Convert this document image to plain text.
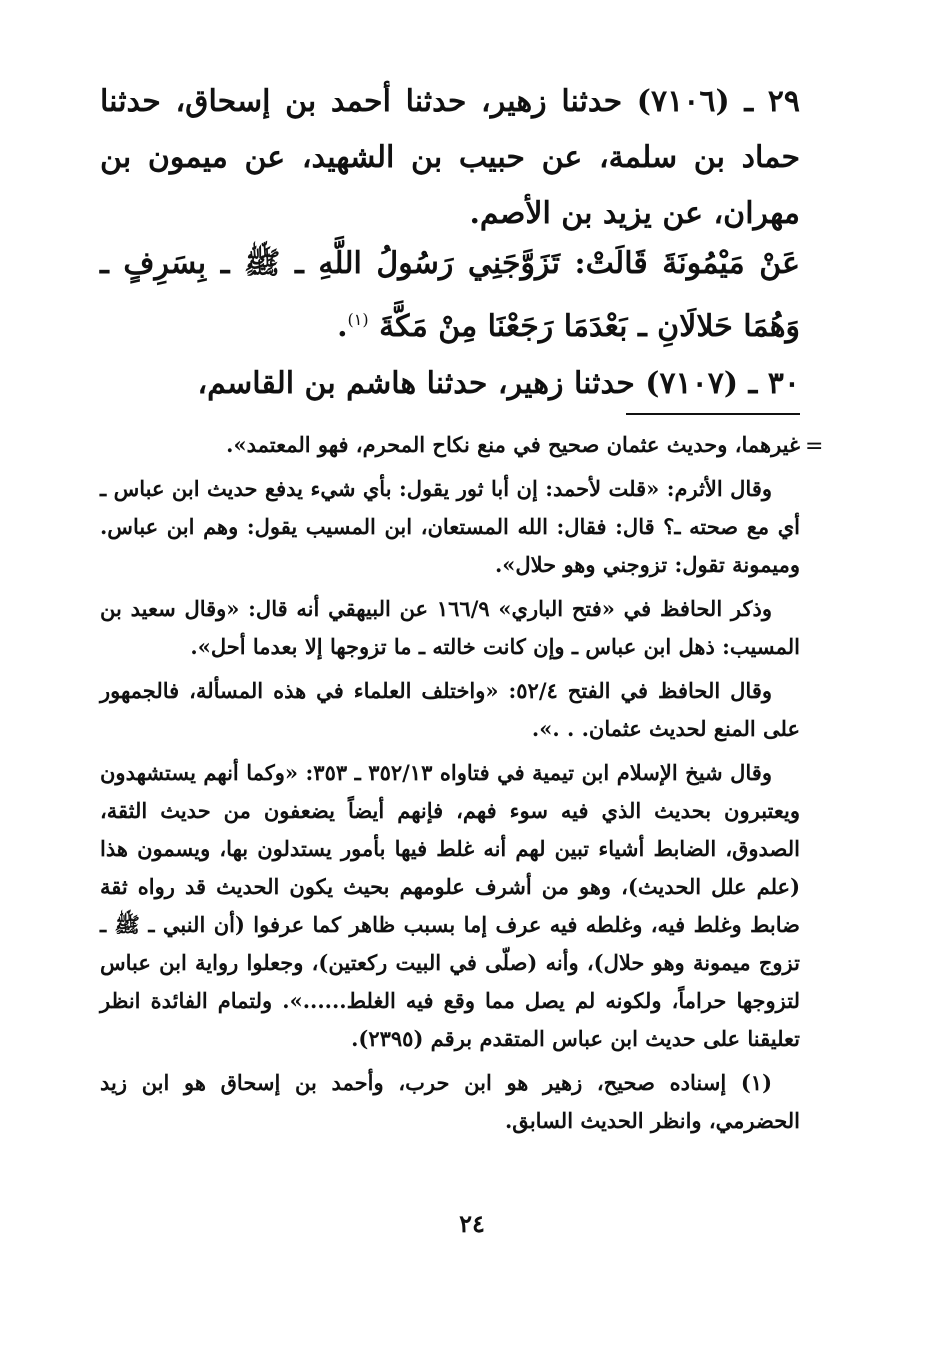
٢٩ ـ (٧١٠٦) حدثنا زهير، حدثنا أحمد بن إسحاق، حدثنا حماد بن سلمة، عن حبيب بن الشهيد، عن ميمون بن مهران، عن يزيد بن الأصم.
عَنْ مَيْمُونَةَ قَالَتْ: تَزَوَّجَنِي رَسُولُ اللَّهِ ـ ﷺ ـ بِسَرِفٍ ـ وَهُمَا حَلالَانِ ـ بَعْدَمَا رَجَعْنَا مِنْ مَكَّةَ $^{(١)}$.
٣٠ ـ (٧١٠٧) حدثنا زهير، حدثنا هاشم بن القاسم،
=

غيرهما، وحديث عثمان صحيح في منع نكاح المحرم، فهو المعتمد».

وقال الأثرم: «قلت لأحمد: إن أبا ثور يقول: بأي شيء يدفع حديث ابن عباس ـ أي مع صحته ـ؟ قال: فقال: الله المستعان، ابن المسيب يقول: وهم ابن عباس. وميمونة تقول: تزوجني وهو حلال».

وذكر الحافظ في «فتح الباري» ١٦٦/٩ عن البيهقي أنه قال: «وقال سعيد بن المسيب: ذهل ابن عباس ـ وإن كانت خالته ـ ما تزوجها إلا بعدما أحل».

وقال الحافظ في الفتح ٥٢/٤: «واختلف العلماء في هذه المسألة، فالجمهور على المنع لحديث عثمان. . .».

وقال شيخ الإسلام ابن تيمية في فتاواه ٣٥٢/١٣ ـ ٣٥٣: «وكما أنهم يستشهدون ويعتبرون بحديث الذي فيه سوء فهم، فإنهم أيضاً يضعفون من حديث الثقة، الصدوق، الضابط أشياء تبين لهم أنه غلط فيها بأمور يستدلون بها، ويسمون هذا (علم علل الحديث)، وهو من أشرف علومهم بحيث يكون الحديث قد رواه ثقة ضابط وغلط فيه، وغلطه فيه عرف إما بسبب ظاهر كما عرفوا (أن النبي ـ ﷺ ـ تزوج ميمونة وهو حلال)، وأنه (صلّى في البيت ركعتين)، وجعلوا رواية ابن عباس لتزوجها حراماً، ولكونه لم يصل مما وقع فيه الغلط......». ولتمام الفائدة انظر تعليقنا على حديث ابن عباس المتقدم برقم (٢٣٩٥).

(١) إسناده صحيح، زهير هو ابن حرب، وأحمد بن إسحاق هو ابن زيد الحضرمي، وانظر الحديث السابق.

٢٤
